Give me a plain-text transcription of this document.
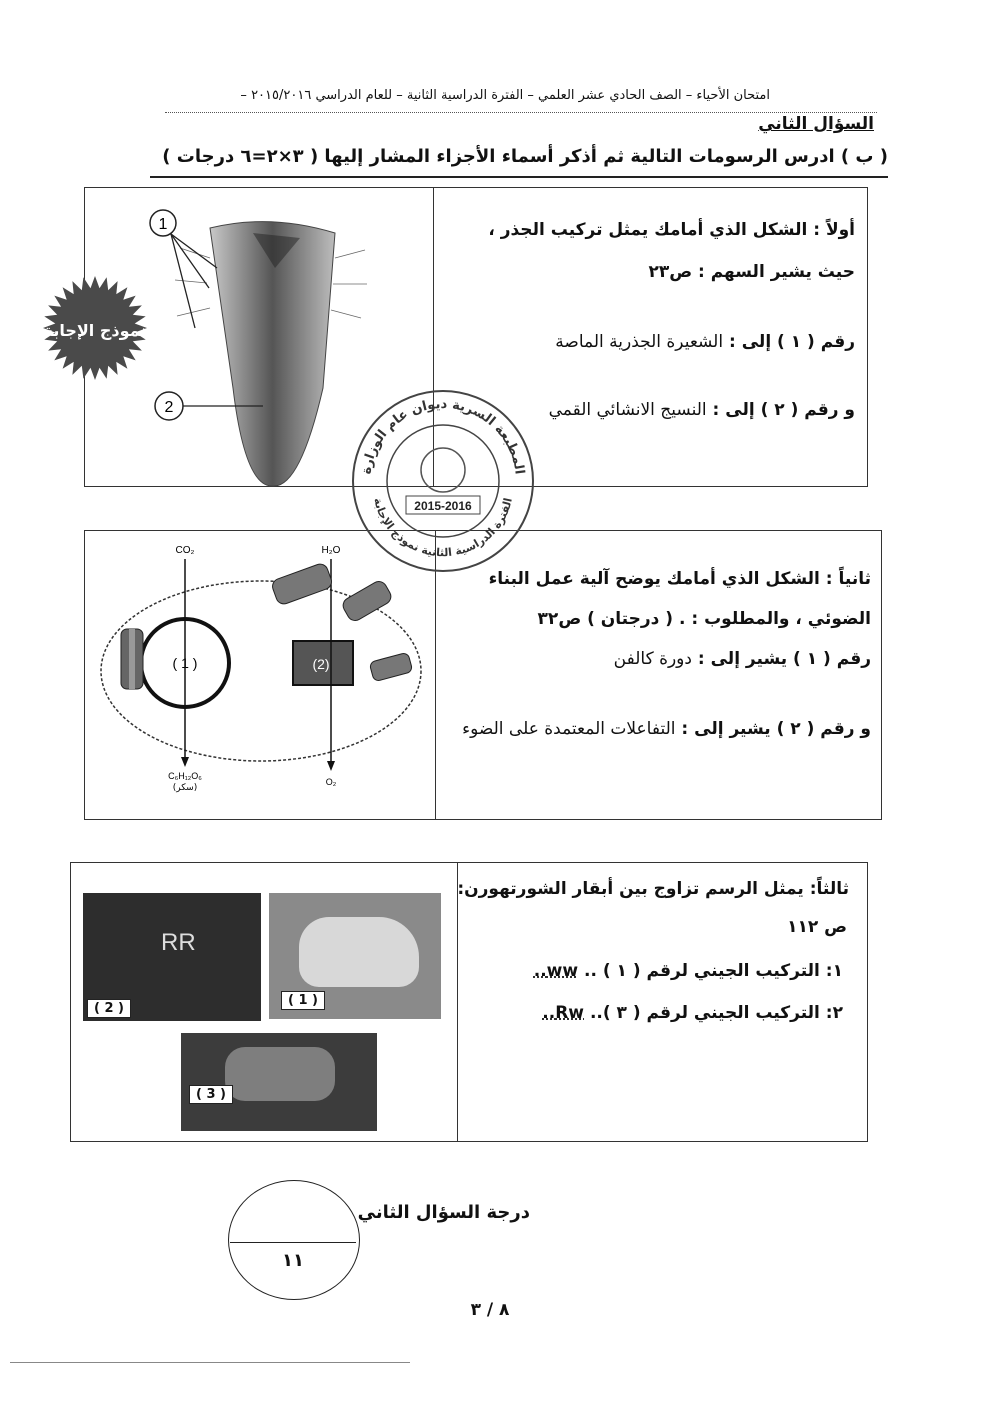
امتحان الأحياء – الصف الحادي عشر العلمي – الفترة الدراسية الثانية – للعام الدراسي ٢٠١٥/٢٠١٦ –
السؤال الثاني
( ب ) ادرس الرسومات التالية ثم أذكر أسماء الأجزاء المشار إليها ( ٣×٢=٦ درجات )
أولاً : الشكل الذي أمامك يمثل تركيب الجذر ،
حيث يشير السهم : ص٢٣
رقم ( ١ ) إلى : الشعيرة الجذرية الماصة
و رقم ( ٢ ) إلى : النسيج الانشائي القمي
1
2
نموذج الإجابة
ثانياً : الشكل الذي أمامك يوضح آلية عمل البناء
الضوئي ، والمطلوب : . ( درجتان ) ص٣٢
رقم ( ١ ) يشير إلى : دورة كالفن
و رقم ( ٢ ) يشير إلى : التفاعلات المعتمدة على الضوء
( 1 )
CO₂
C₆H₁₂O₆
(سكر)
(2)
H₂O
O₂
ثالثاً: يمثل الرسم تزاوج بين أبقار الشورتهورن:
ص ١١٢
١: التركيب الجيني لرقم ( ١ ) .. ww..
٢: التركيب الجيني لرقم ( ٣ ).. Rw..
RR
( 2 )
( 1 )
( 3 )
المطبعة السرية ديوان عام الوزارة
الفترة الدراسية الثانية نموذج الإجابة
2015-2016
١١
درجة السؤال الثاني
٨ / ٣
